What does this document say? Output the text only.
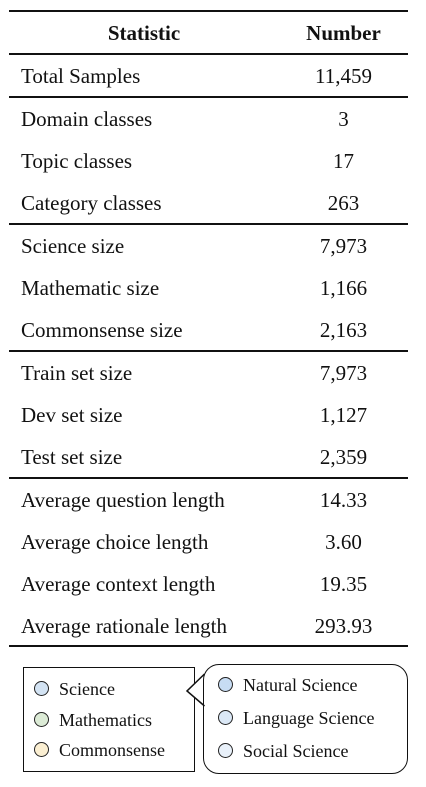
Statistic	Number
Total Samples	11,459
Domain classes	3
Topic classes	17
Category classes	263
Science size	7,973
Mathematic size	1,166
Commonsense size	2,163
Train set size	7,973
Dev set size	1,127
Test set size	2,359
Average question length	14.33
Average choice length	3.60
Average context length	19.35
Average rationale length	293.93
Science
Mathematics
Commonsense
Natural Science
Language Science
Social Science
